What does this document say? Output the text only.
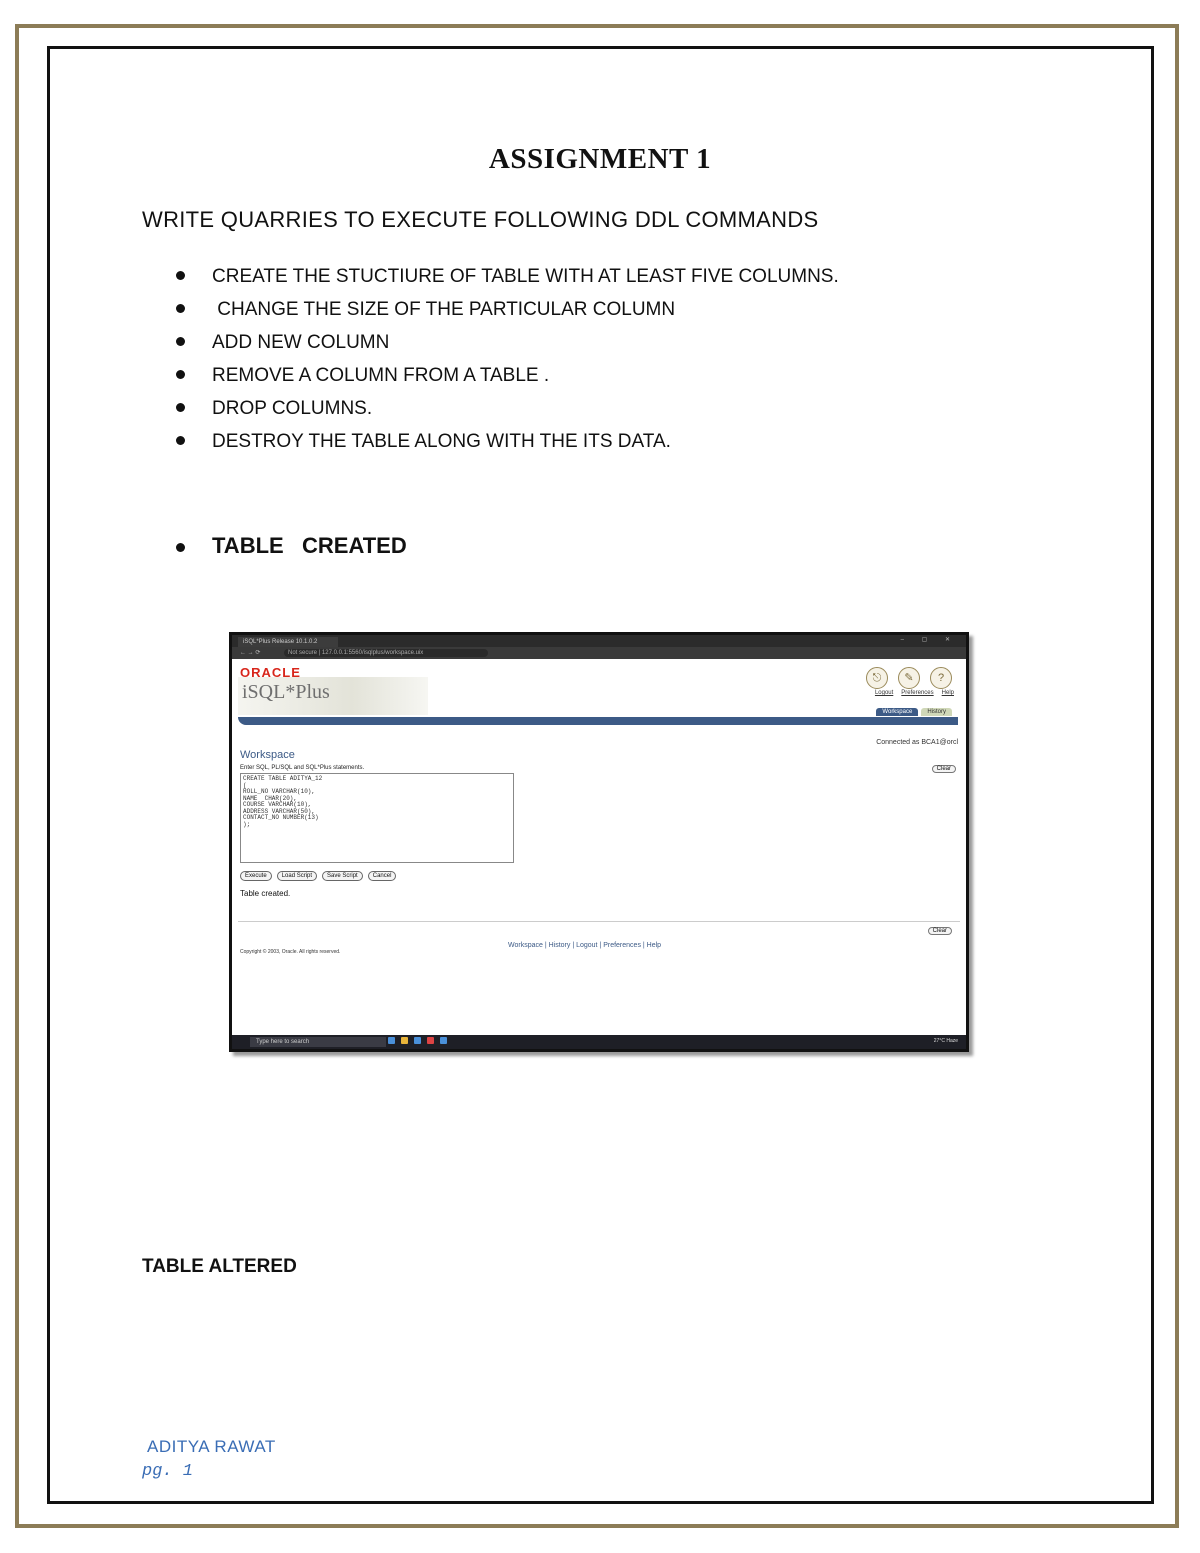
ASSIGNMENT 1
WRITE QUARRIES TO EXECUTE FOLLOWING DDL COMMANDS
CREATE THE STUCTIURE OF TABLE WITH AT LEAST FIVE COLUMNS.
CHANGE THE SIZE OF THE PARTICULAR COLUMN
ADD NEW COLUMN
REMOVE A COLUMN FROM A TABLE .
DROP COLUMNS.
DESTROY THE TABLE ALONG WITH THE ITS DATA.
TABLE   CREATED
iSQL*Plus Release 10.1.0.2	– ▢ ✕
← → ⟳	Not secure | 127.0.0.1:5560/isqlplus/workspace.uix
ORACLE
iSQL*Plus
⎋	✎	?
Logout Preferences Help
Workspace	History
Connected as BCA1@orcl
Workspace
Enter SQL, PL/SQL and SQL*Plus statements.	Clear
CREATE TABLE ADITYA_12
(
ROLL_NO VARCHAR(10),
NAME  CHAR(20),
COURSE VARCHAR(10),
ADDRESS VARCHAR(50),
CONTACT_NO NUMBER(13)
);
Execute	Load Script	Save Script	Cancel
Table created.
Clear
Workspace | History | Logout | Preferences | Help
Copyright © 2003, Oracle. All rights reserved.
Type here to search	27°C Haze
TABLE ALTERED
ADITYA RAWAT
pg. 1
